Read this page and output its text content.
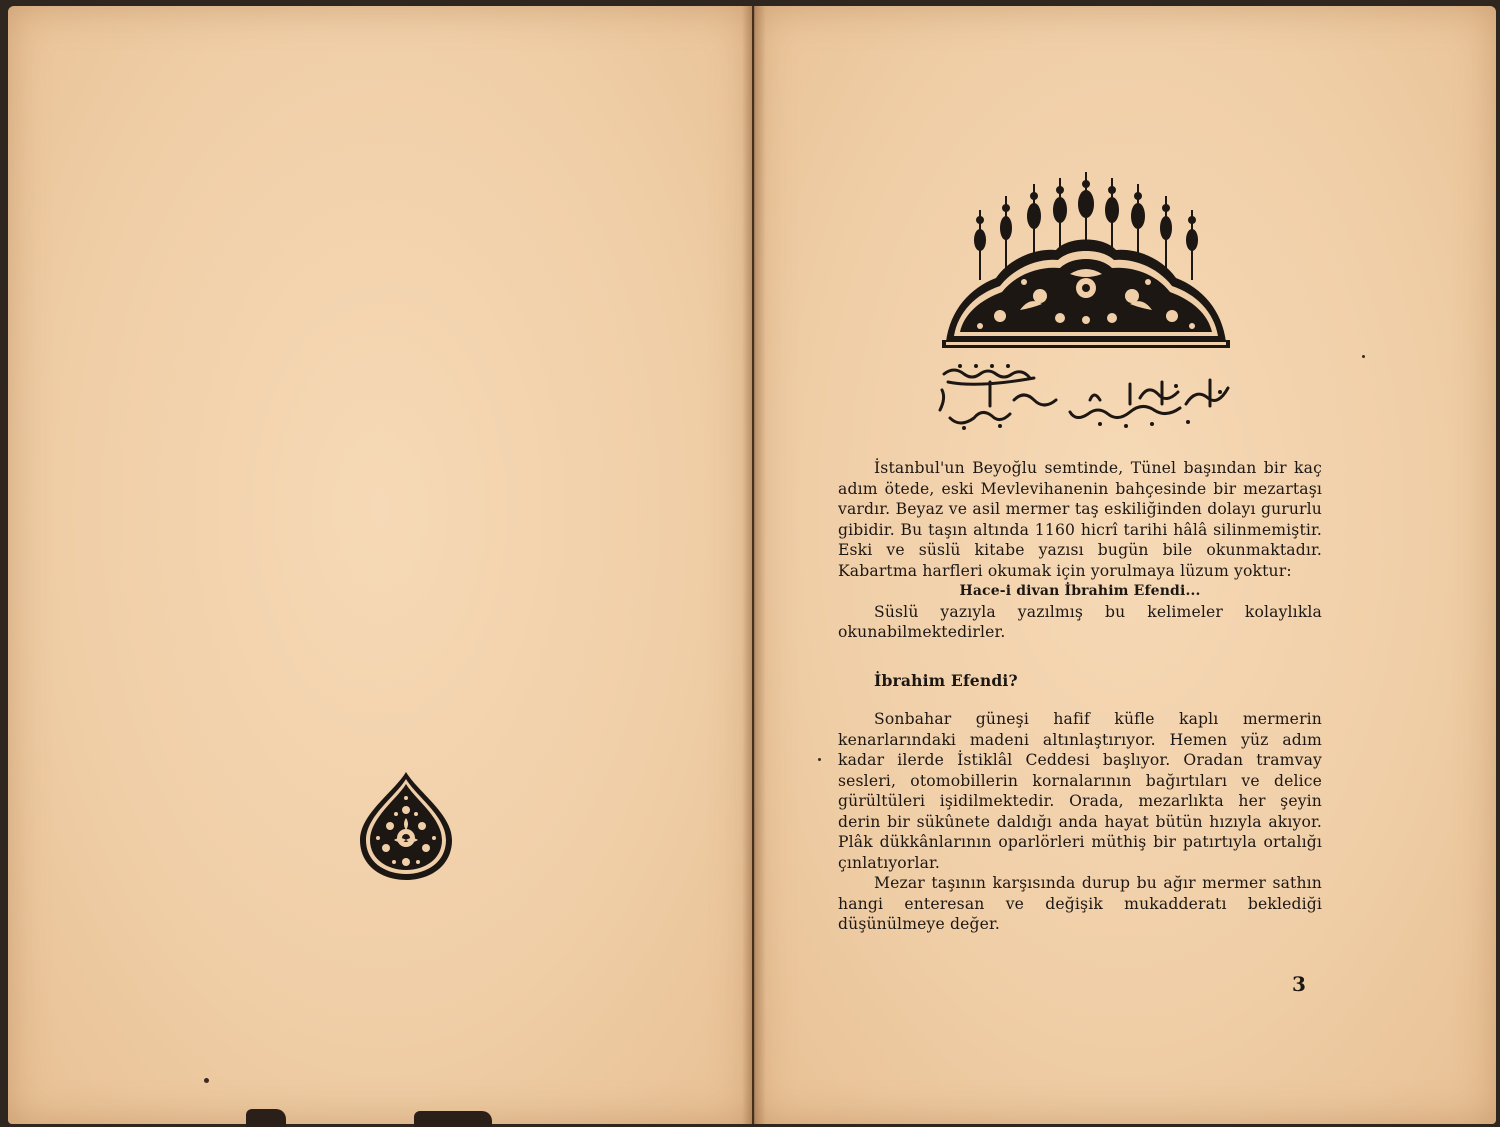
İstanbul'un Beyoğlu semtinde, Tünel başından bir kaç adım ötede, eski Mevlevihanenin bahçesinde bir mezartaşı vardır. Beyaz ve asil mermer taş eskiliğinden dolayı gururlu gibidir. Bu taşın altında 1160 hicrî tarihi hâlâ silinmemiştir. Eski ve süslü kitabe yazısı bugün bile okunmaktadır. Kabartma harfleri okumak için yorulmaya lüzum yoktur:

Hace-i divan İbrahim Efendi...

Süslü yazıyla yazılmış bu kelimeler kolaylıkla okunabilmektedirler.

İbrahim Efendi?

Sonbahar güneşi hafif küfle kaplı mermerin kenarlarındaki madeni altınlaştırıyor. Hemen yüz adım kadar ilerde İstiklâl Ceddesi başlıyor. Oradan tramvay sesleri, otomobillerin kornalarının bağırtıları ve delice gürültüleri işidilmektedir. Orada, mezarlıkta her şeyin derin bir sükûnete daldığı anda hayat bütün hızıyla akıyor. Plâk dükkânlarının oparlörleri müthiş bir patırtıyla ortalığı çınlatıyorlar.

Mezar taşının karşısında durup bu ağır mermer sathın hangi enteresan ve değişik mukadderatı beklediği düşünülmeye değer.

3
